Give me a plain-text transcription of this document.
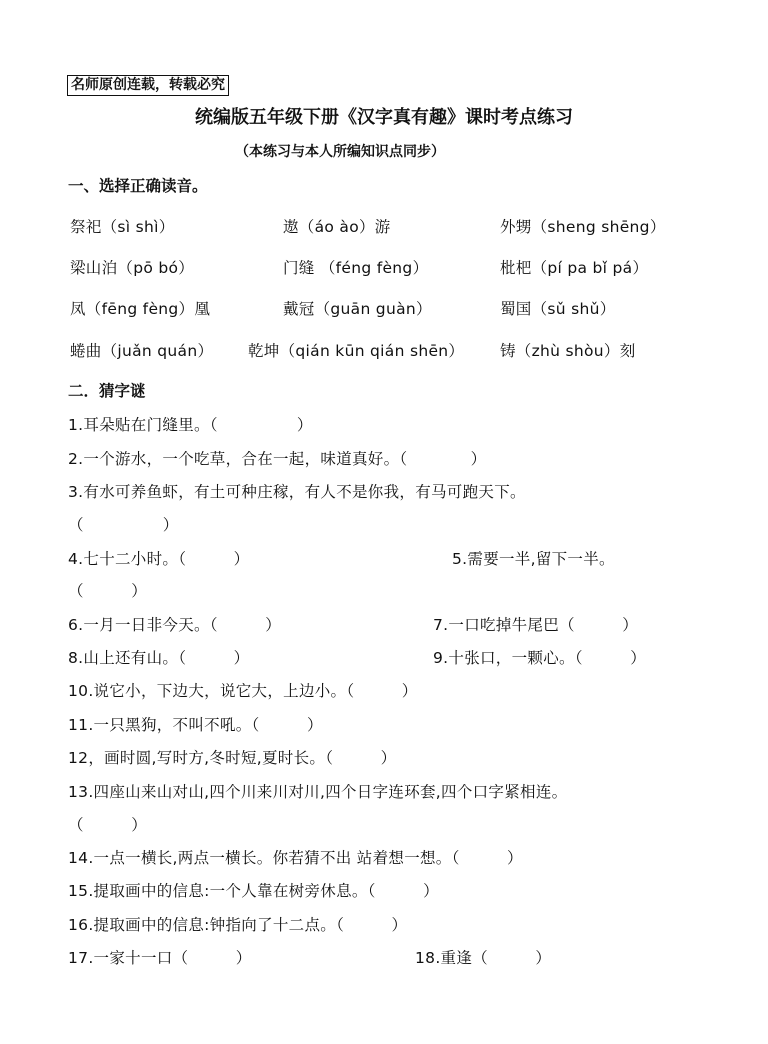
名师原创连载，转载必究
统编版五年级下册《汉字真有趣》课时考点练习
（本练习与本人所编知识点同步）
一、选择正确读音。
祭祀（sì shì）	遨（áo ào）游	外甥（sheng shēng）
梁山泊（pō bó）	门缝 （féng fèng）	枇杷（pí pa bǐ pá）
凤（fēng fèng）凰	戴冠（guān guàn）	蜀国（sǔ shǔ）
蜷曲（juǎn quán） 乾坤（qián kūn qián shēn） 铸（zhù shòu）刻
二．猜字谜
1.耳朵贴在门缝里。（　　　　　）
2.一个游水，一个吃草，合在一起，味道真好。（　　　　）
3.有水可养鱼虾，有土可种庄稼，有人不是你我，有马可跑天下。
（　　　　　）
4.七十二小时。（　　　）	5.需要一半,留下一半。
（　　　）
6.一月一日非今天。（　　　）	7.一口吃掉牛尾巴（　　　）
8.山上还有山。（　　　）	9.十张口，一颗心。（　　　）
10.说它小，下边大，说它大，上边小。（　　　）
11.一只黑狗，不叫不吼。（　　　）
12，画时圆,写时方,冬时短,夏时长。（　　　）
13.四座山来山对山,四个川来川对川,四个日字连环套,四个口字紧相连。
（　　　）
14.一点一横长,两点一横长。你若猜不出 站着想一想。（　　　）
15.提取画中的信息:一个人靠在树旁休息。（　　　）
16.提取画中的信息:钟指向了十二点。（　　　）
17.一家十一口（　　　）	18.重逢（　　　）
